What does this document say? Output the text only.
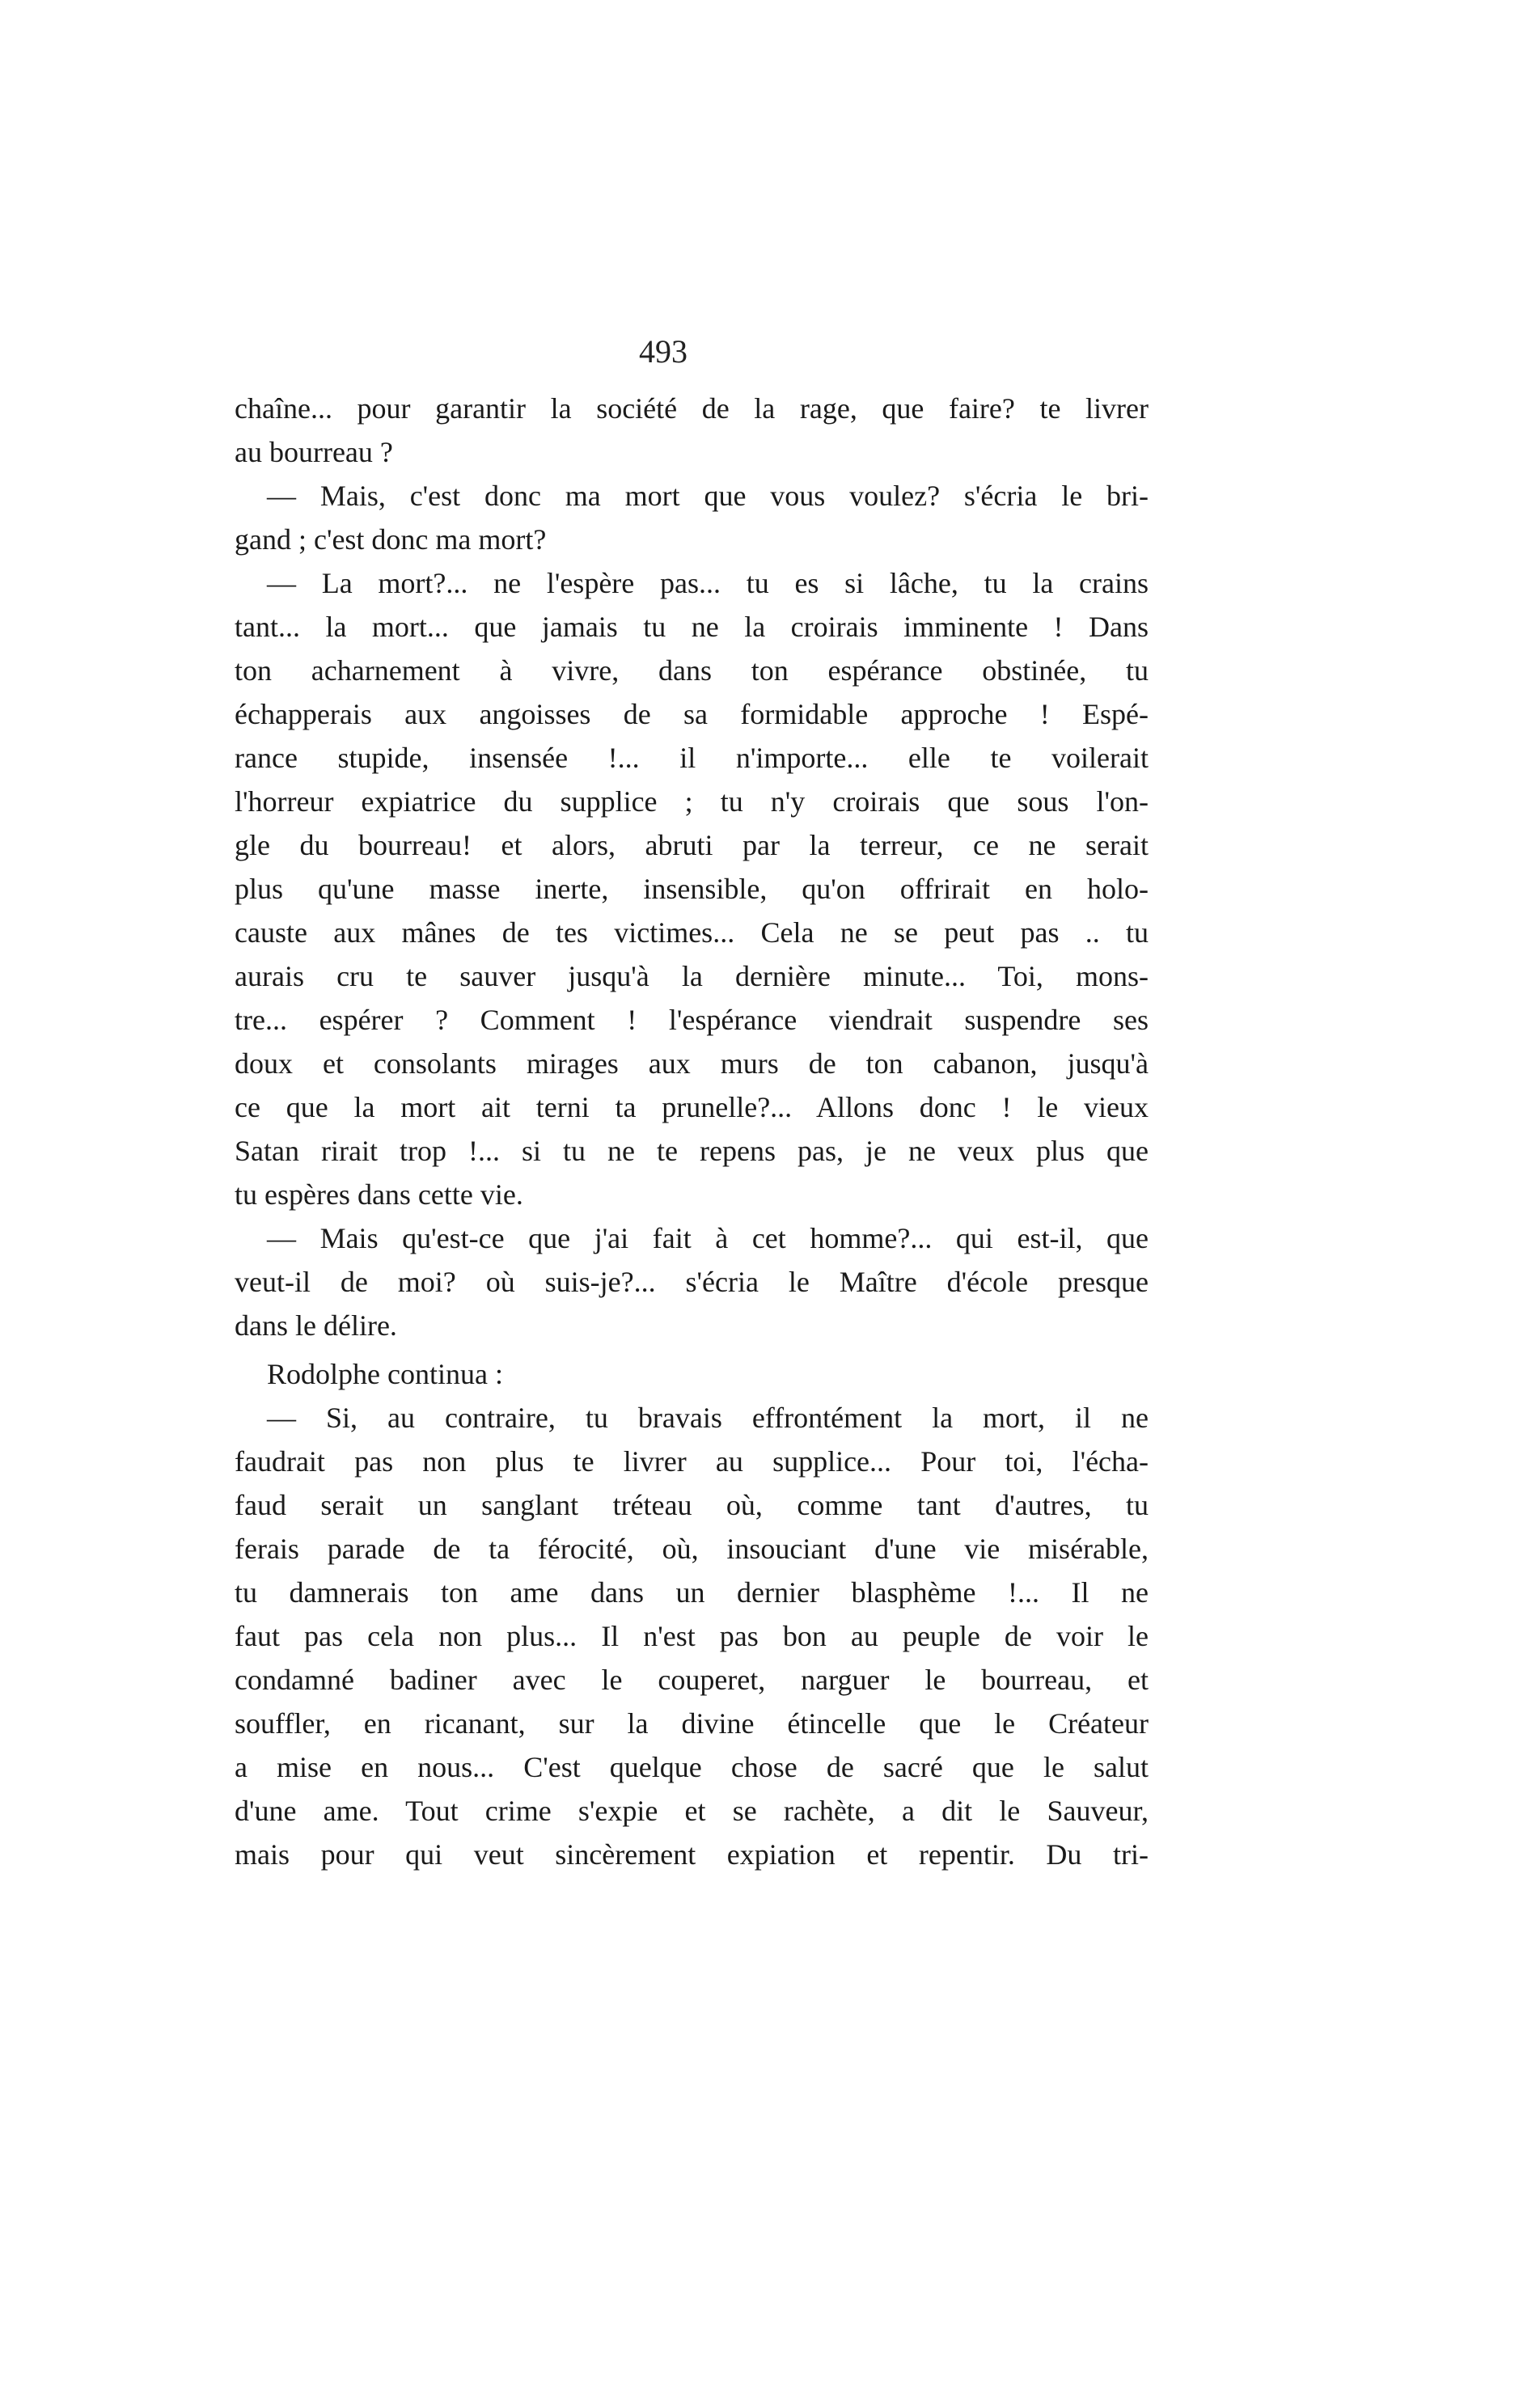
493
chaîne... pour garantir la société de la rage, que faire? te livrer
au bourreau ?
— Mais, c'est donc ma mort que vous voulez? s'écria le bri-
gand ; c'est donc ma mort?
— La mort?... ne l'espère pas... tu es si lâche, tu la crains
tant... la mort... que jamais tu ne la croirais imminente ! Dans
ton acharnement à vivre, dans ton espérance obstinée, tu
échapperais aux angoisses de sa formidable approche ! Espé-
rance stupide, insensée !... il n'importe... elle te voilerait
l'horreur expiatrice du supplice ; tu n'y croirais que sous l'on-
gle du bourreau! et alors, abruti par la terreur, ce ne serait
plus qu'une masse inerte, insensible, qu'on offrirait en holo-
causte aux mânes de tes victimes... Cela ne se peut pas .. tu
aurais cru te sauver jusqu'à la dernière minute... Toi, mons-
tre... espérer ? Comment ! l'espérance viendrait suspendre ses
doux et consolants mirages aux murs de ton cabanon, jusqu'à
ce que la mort ait terni ta prunelle?... Allons donc ! le vieux
Satan rirait trop !... si tu ne te repens pas, je ne veux plus que
tu espères dans cette vie.
— Mais qu'est-ce que j'ai fait à cet homme?... qui est-il, que
veut-il de moi? où suis-je?... s'écria le Maître d'école presque
dans le délire.
Rodolphe continua :
— Si, au contraire, tu bravais effrontément la mort, il ne
faudrait pas non plus te livrer au supplice... Pour toi, l'écha-
faud serait un sanglant tréteau où, comme tant d'autres, tu
ferais parade de ta férocité, où, insouciant d'une vie misérable,
tu damnerais ton ame dans un dernier blasphème !... Il ne
faut pas cela non plus... Il n'est pas bon au peuple de voir le
condamné badiner avec le couperet, narguer le bourreau, et
souffler, en ricanant, sur la divine étincelle que le Créateur
a mise en nous... C'est quelque chose de sacré que le salut
d'une ame. Tout crime s'expie et se rachète, a dit le Sauveur,
mais pour qui veut sincèrement expiation et repentir. Du tri-
